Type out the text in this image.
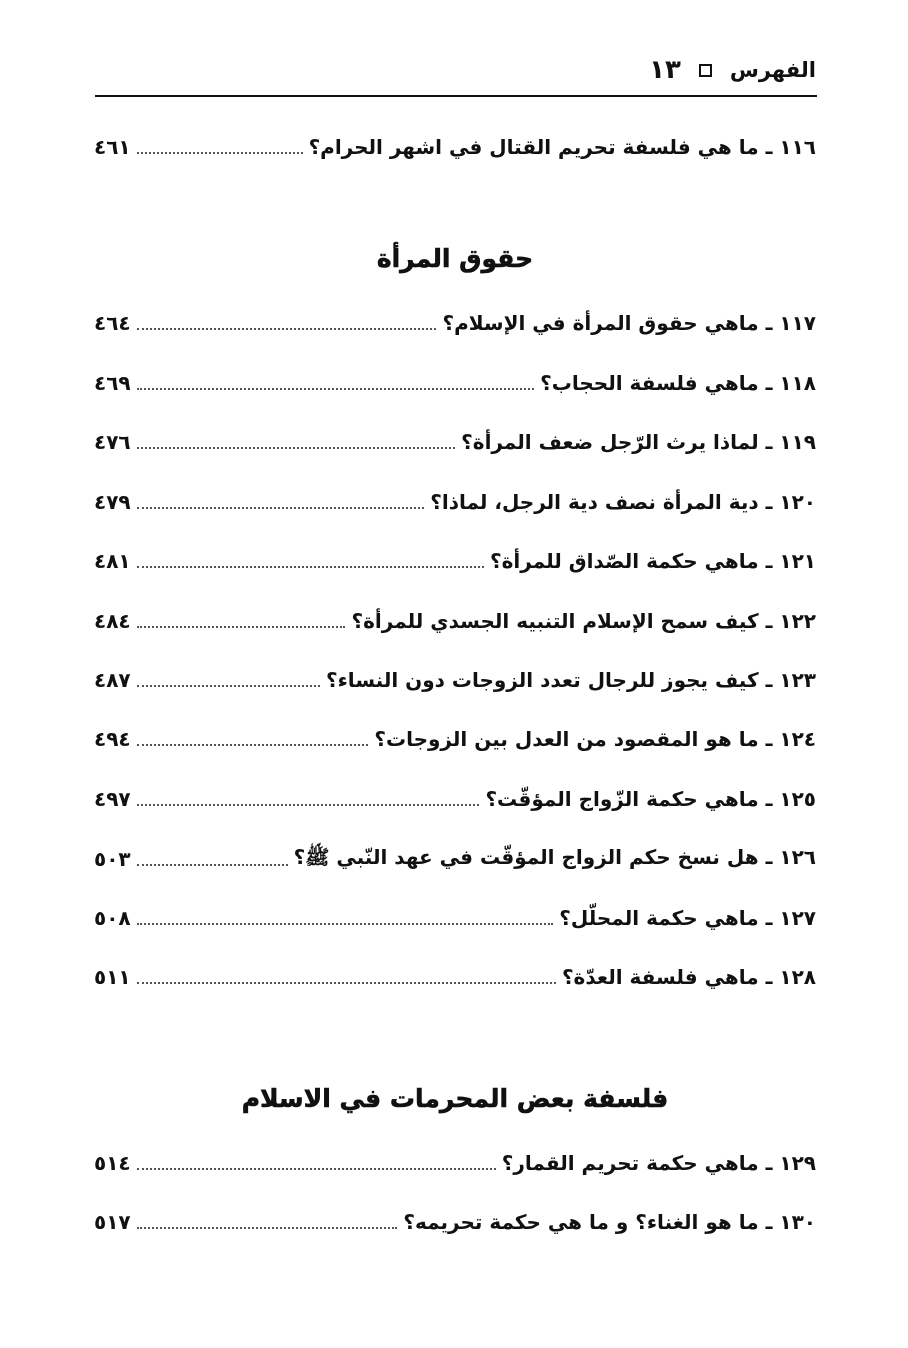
الفهرس
١٣
١١٦ ـ ما هي فلسفة تحريم القتال في اشهر الحرام؟
٤٦١
حقوق المرأة
١١٧ ـ ماهي حقوق المرأة في الإسلام؟
٤٦٤
١١٨ ـ ماهي فلسفة الحجاب؟
٤٦٩
١١٩ ـ لماذا يرث الرّجل ضعف المرأة؟
٤٧٦
١٢٠ ـ دية المرأة نصف دية الرجل، لماذا؟
٤٧٩
١٢١ ـ ماهي حكمة الصّداق للمرأة؟
٤٨١
١٢٢ ـ كيف سمح الإسلام التنبيه الجسدي للمرأة؟
٤٨٤
١٢٣ ـ كيف يجوز للرجال تعدد الزوجات دون النساء؟
٤٨٧
١٢٤ ـ ما هو المقصود من العدل بين الزوجات؟
٤٩٤
١٢٥ ـ ماهي حكمة الزّواج المؤقّت؟
٤٩٧
١٢٦ ـ هل نسخ حكم الزواج المؤقّت في عهد النّبي ﷺ؟
٥٠٣
١٢٧ ـ ماهي حكمة المحلّل؟
٥٠٨
١٢٨ ـ ماهي فلسفة العدّة؟
٥١١
فلسفة بعض المحرمات في الاسلام
١٢٩ ـ ماهي حكمة تحريم القمار؟
٥١٤
١٣٠ ـ ما هو الغناء؟ و ما هي حكمة تحريمه؟
٥١٧
